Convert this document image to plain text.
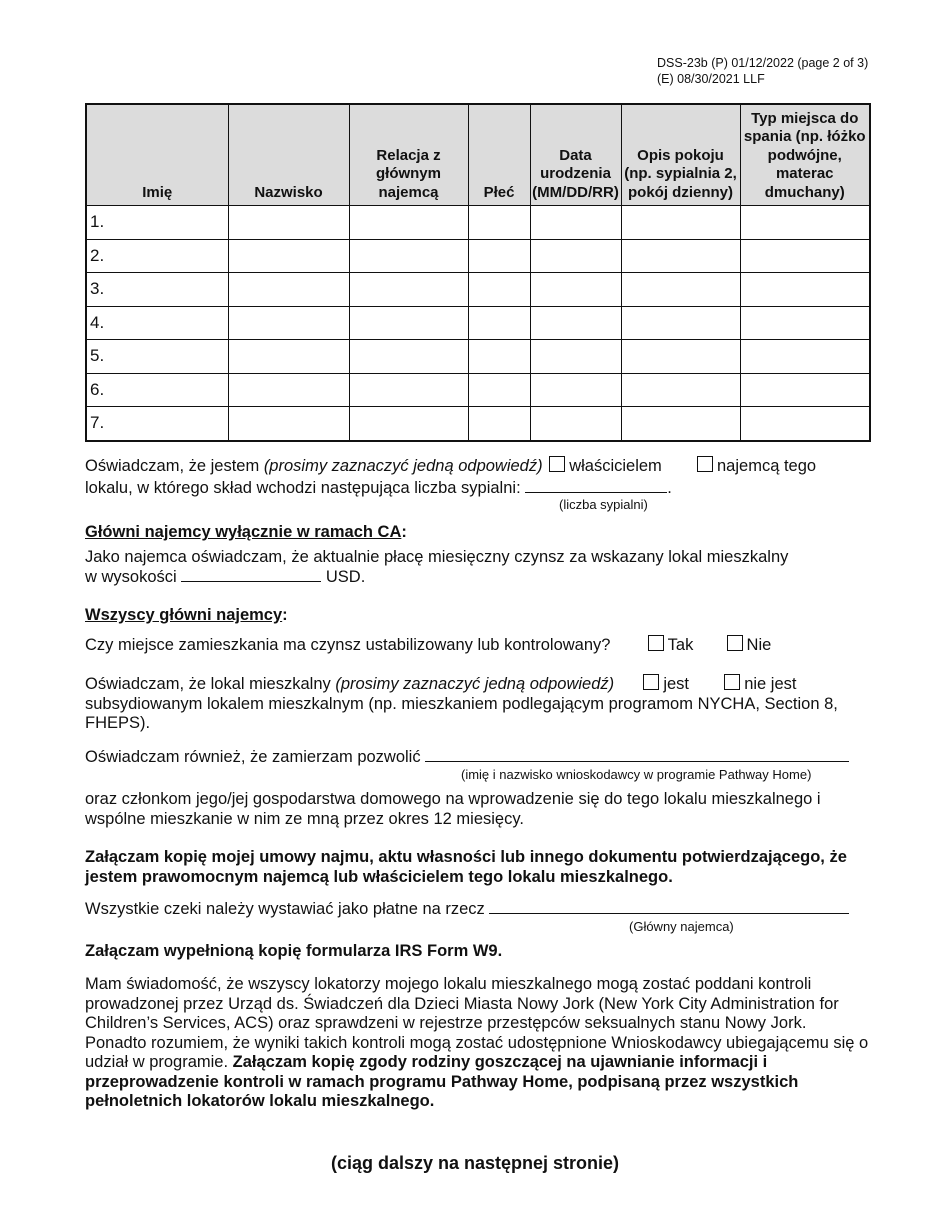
DSS-23b (P) 01/12/2022 (page 2 of 3)
(E) 08/30/2021 LLF
Imię	Nazwisko	Relacja z głównym najemcą	Płeć	Data urodzenia (MM/DD/RR)	Opis pokoju (np. sypialnia 2, pokój dzienny)	Typ miejsca do spania (np. łóżko podwójne, materac dmuchany)
1.						
2.						
3.						
4.						
5.						
6.						
7.						
Oświadczam, że jestem (prosimy zaznaczyć jedną odpowiedź) właścicielem	najemcą tego
lokalu, w którego skład wchodzi następująca liczba sypialni:	.
(liczba sypialni)
Główni najemcy wyłącznie w ramach CA:
Jako najemca oświadczam, że aktualnie płacę miesięczny czynsz za wskazany lokal mieszkalny
w wysokości	USD.
Wszyscy główni najemcy:
Czy miejsce zamieszkania ma czynsz ustabilizowany lub kontrolowany?	Tak	Nie
Oświadczam, że lokal mieszkalny (prosimy zaznaczyć jedną odpowiedź)	jest	nie jest
subsydiowanym lokalem mieszkalnym (np. mieszkaniem podlegającym programom NYCHA, Section 8, FHEPS).
Oświadczam również, że zamierzam pozwolić
(imię i nazwisko wnioskodawcy w programie Pathway Home)
oraz członkom jego/jej gospodarstwa domowego na wprowadzenie się do tego lokalu mieszkalnego i wspólne mieszkanie w nim ze mną przez okres 12 miesięcy.
Załączam kopię mojej umowy najmu, aktu własności lub innego dokumentu potwierdzającego, że jestem prawomocnym najemcą lub właścicielem tego lokalu mieszkalnego.
Wszystkie czeki należy wystawiać jako płatne na rzecz
(Główny najemca)
Załączam wypełnioną kopię formularza IRS Form W9.
Mam świadomość, że wszyscy lokatorzy mojego lokalu mieszkalnego mogą zostać poddani kontroli prowadzonej przez Urząd ds. Świadczeń dla Dzieci Miasta Nowy Jork (New York City Administration for Children’s Services, ACS) oraz sprawdzeni w rejestrze przestępców seksualnych stanu Nowy Jork. Ponadto rozumiem, że wyniki takich kontroli mogą zostać udostępnione Wnioskodawcy ubiegającemu się o udział w programie. Załączam kopię zgody rodziny goszczącej na ujawnianie informacji i przeprowadzenie kontroli w ramach programu Pathway Home, podpisaną przez wszystkich pełnoletnich lokatorów lokalu mieszkalnego.
(ciąg dalszy na następnej stronie)
